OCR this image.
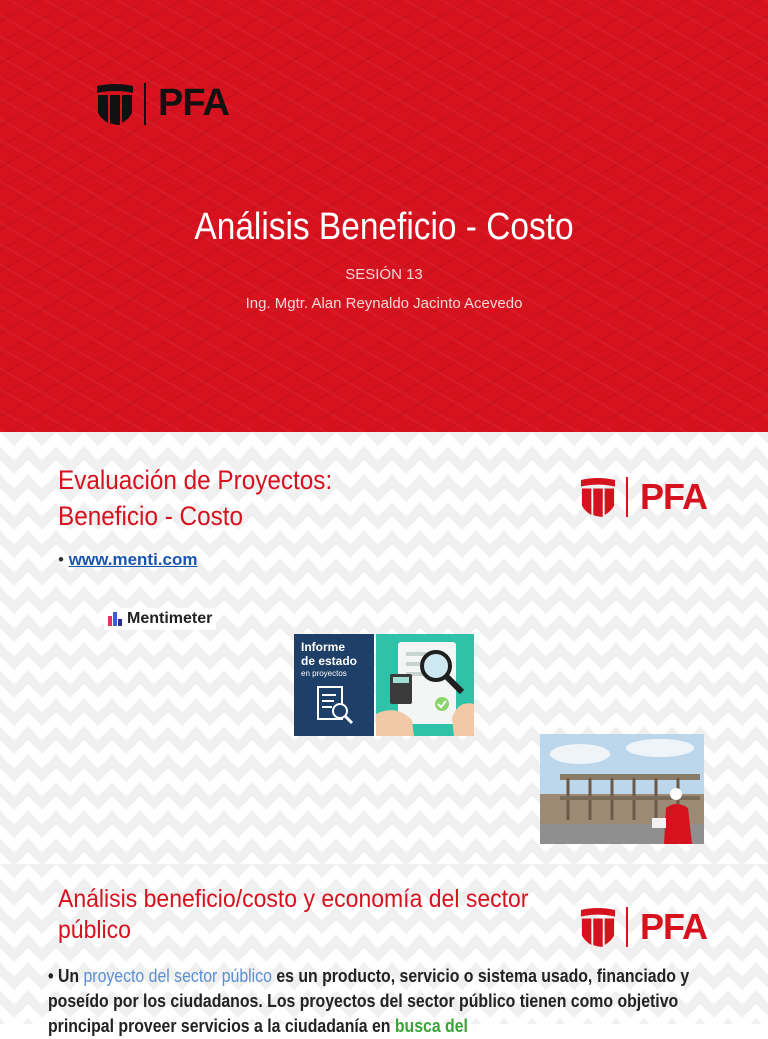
PFA
Análisis Beneficio - Costo
SESIÓN 13
Ing. Mgtr. Alan Reynaldo Jacinto Acevedo
Evaluación de Proyectos:
Beneficio - Costo	PFA
• www.menti.com
Mentimeter
Informe
de estado
en proyectos
Análisis beneficio/costo y economía del sector público	PFA
• Un proyecto del sector público es un producto, servicio o sistema usado, financiado y poseído por los ciudadanos. Los proyectos del sector público tienen como objetivo principal proveer servicios a la ciudadanía en busca del
